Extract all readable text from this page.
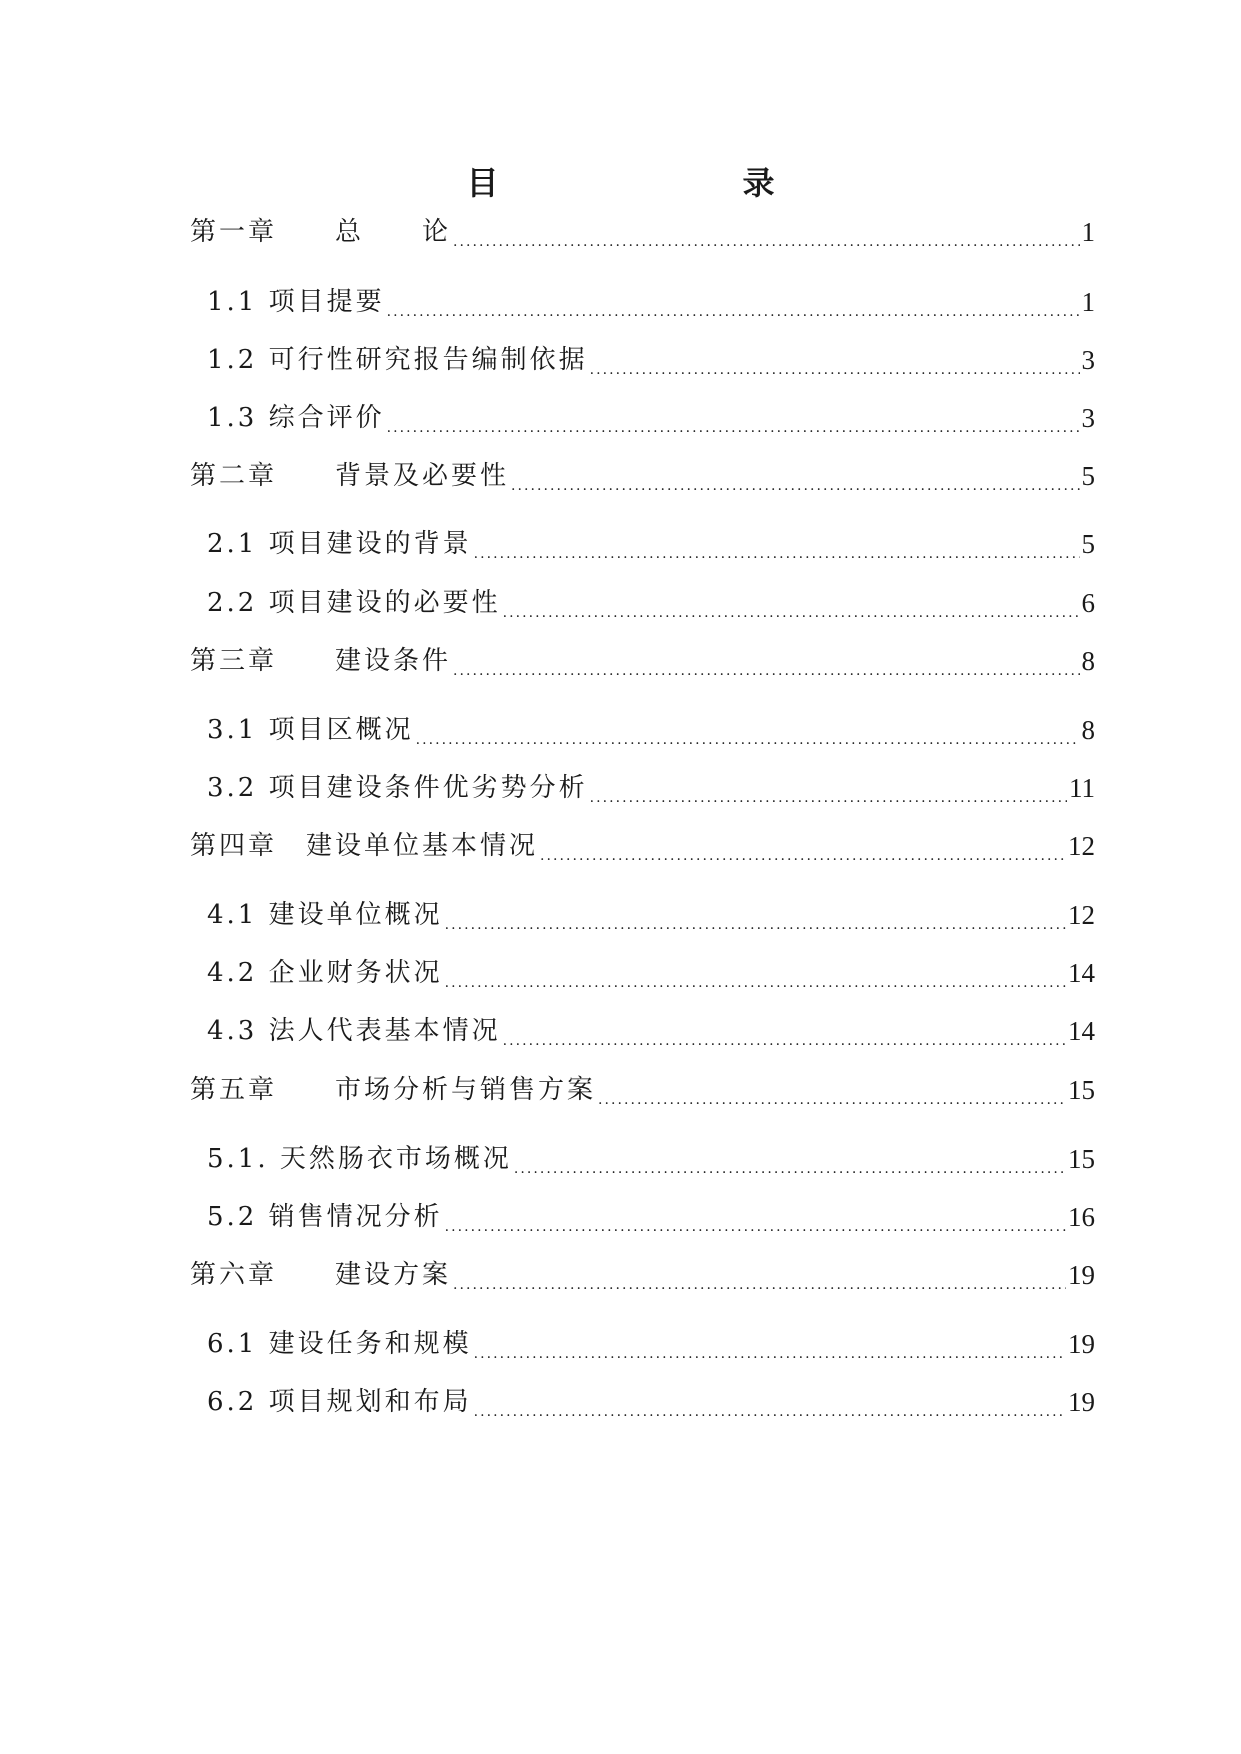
目　　录
第一章　　总　　论 . . .	1
1.1 项目提要 . . .	1
1.2 可行性研究报告编制依据 . . .	3
1.3 综合评价 . . .	3
第二章　　背景及必要性 . . .	5
2.1 项目建设的背景 . . .	5
2.2 项目建设的必要性 . . .	6
第三章　　建设条件 . . .	8
3.1 项目区概况 . . .	8
3.2 项目建设条件优劣势分析 . . .	11
第四章　建设单位基本情况 . . .	12
4.1 建设单位概况 . . .	12
4.2 企业财务状况 . . .	14
4.3 法人代表基本情况 . . .	14
第五章　　市场分析与销售方案 . . .	15
5.1. 天然肠衣市场概况 . . .	15
5.2 销售情况分析 . . .	16
第六章　　建设方案 . . .	19
6.1 建设任务和规模 . . .	19
6.2 项目规划和布局 . . .	19
